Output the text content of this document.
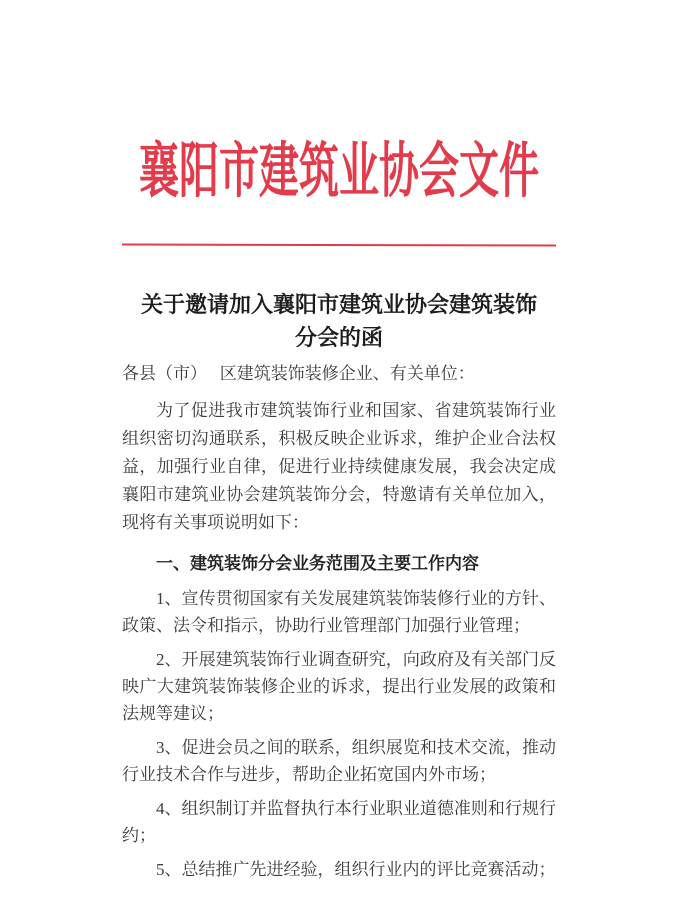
襄阳市建筑业协会文件
关于邀请加入襄阳市建筑业协会建筑装饰
分会的函
各县（市）　 区建筑装饰装修企业、有关单位：
为了促进我市建筑装饰行业和国家、省建筑装饰行业组织密切沟通联系，积极反映企业诉求，维护企业合法权益，加强行业自律，促进行业持续健康发展，我会决定成襄阳市建筑业协会建筑装饰分会，特邀请有关单位加入，现将有关事项说明如下：
一、建筑装饰分会业务范围及主要工作内容
1、宣传贯彻国家有关发展建筑装饰装修行业的方针、政策、法令和指示，协助行业管理部门加强行业管理；
2、开展建筑装饰行业调查研究，向政府及有关部门反映广大建筑装饰装修企业的诉求，提出行业发展的政策和法规等建议；
3、促进会员之间的联系，组织展览和技术交流，推动行业技术合作与进步，帮助企业拓宽国内外市场；
4、组织制订并监督执行本行业职业道德准则和行规行约；
5、总结推广先进经验，组织行业内的评比竞赛活动；
